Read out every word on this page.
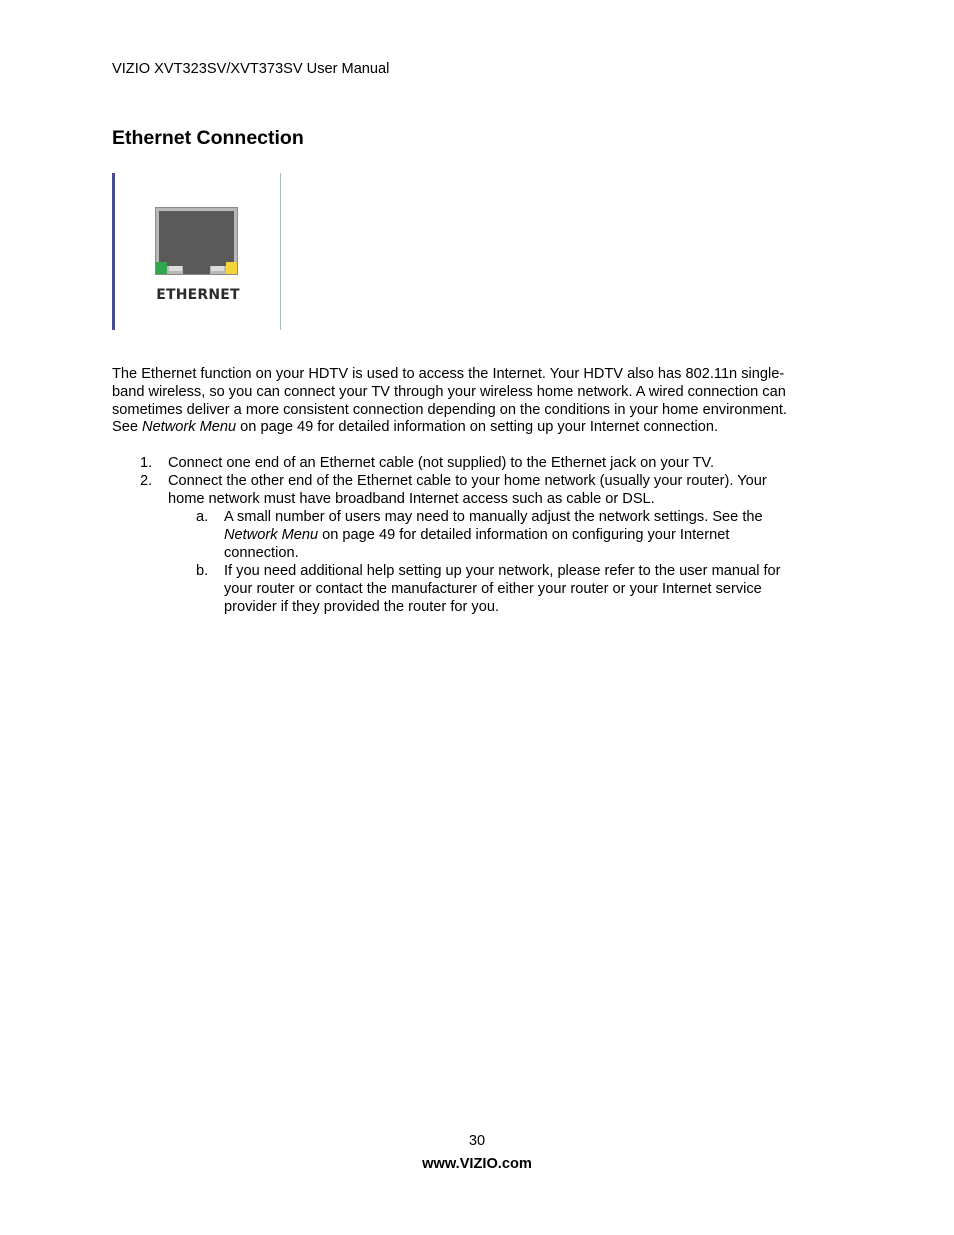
VIZIO XVT323SV/XVT373SV User Manual
Ethernet Connection
ETHERNET
The Ethernet function on your HDTV is used to access the Internet. Your HDTV also has 802.11n single-
band wireless, so you can connect your TV through your wireless home network. A wired connection can
sometimes deliver a more consistent connection depending on the conditions in your home environment.
See Network Menu on page 49 for detailed information on setting up your Internet connection.
1. Connect one end of an Ethernet cable (not supplied) to the Ethernet jack on your TV.
2. Connect the other end of the Ethernet cable to your home network (usually your router). Your
home network must have broadband Internet access such as cable or DSL.
a. A small number of users may need to manually adjust the network settings. See the
Network Menu on page 49 for detailed information on configuring your Internet
connection.
b. If you need additional help setting up your network, please refer to the user manual for
your router or contact the manufacturer of either your router or your Internet service
provider if they provided the router for you.
30
www.VIZIO.com
